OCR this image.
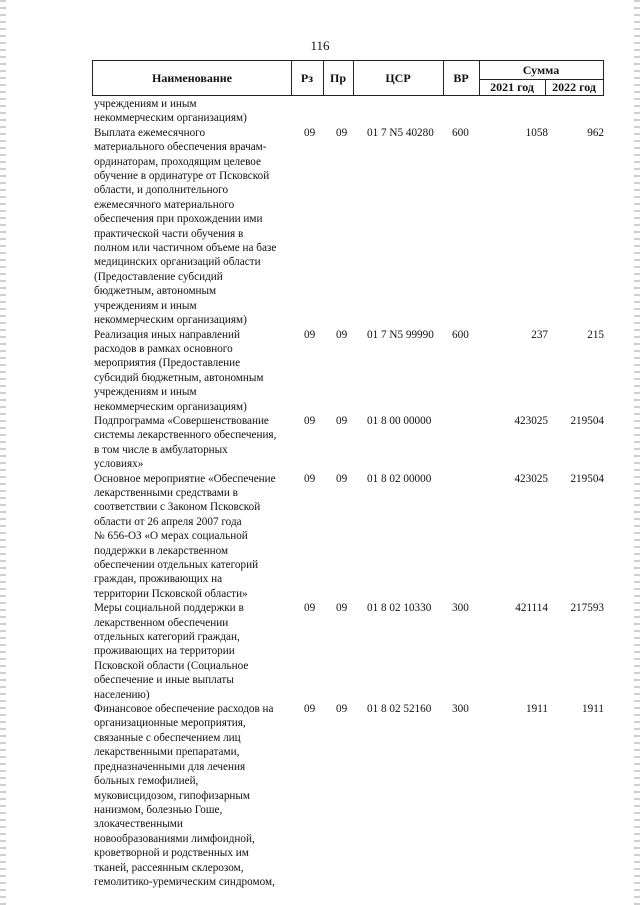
116
Наименование	Рз	Пр	ЦСР	ВР
Сумма
2021 год	2022 год
учреждениям и иным
некоммерческим организациям)
Выплата ежемесячного
материального обеспечения врачам-
ординаторам, проходящим целевое
обучение в ординатуре от Псковской
области, и дополнительного
ежемесячного материального
обеспечения при прохождении ими
практической части обучения в
полном или частичном объеме на базе
медицинских организаций области
(Предоставление субсидий
бюджетным, автономным
учреждениям и иным
некоммерческим организациям)
09 09 01 7 N5 40280 600	1058	962
Реализация иных направлений
расходов в рамках основного
мероприятия (Предоставление
субсидий бюджетным, автономным
учреждениям и иным
некоммерческим организациям)
09 09 01 7 N5 99990 600	237	215
Подпрограмма «Совершенствование
системы лекарственного обеспечения,
в том числе в амбулаторных
условиях»
09 09 01 8 00 00000	423025	219504
Основное мероприятие «Обеспечение
лекарственными средствами в
соответствии с Законом Псковской
области от 26 апреля 2007 года
№ 656-ОЗ «О мерах социальной
поддержки в лекарственном
обеспечении отдельных категорий
граждан, проживающих на
территории Псковской области»
09 09 01 8 02 00000	423025	219504
Меры социальной поддержки в
лекарственном обеспечении
отдельных категорий граждан,
проживающих на территории
Псковской области (Социальное
обеспечение и иные выплаты
населению)
09 09 01 8 02 10330 300	421114	217593
Финансовое обеспечение расходов на
организационные мероприятия,
связанные с обеспечением лиц
лекарственными препаратами,
предназначенными для лечения
больных гемофилией,
муковисцидозом, гипофизарным
нанизмом, болезнью Гоше,
злокачественными
новообразованиями лимфоидной,
кроветворной и родственных им
тканей, рассеянным склерозом,
гемолитико-уремическим синдромом,
09 09 01 8 02 52160 300	1911	1911
